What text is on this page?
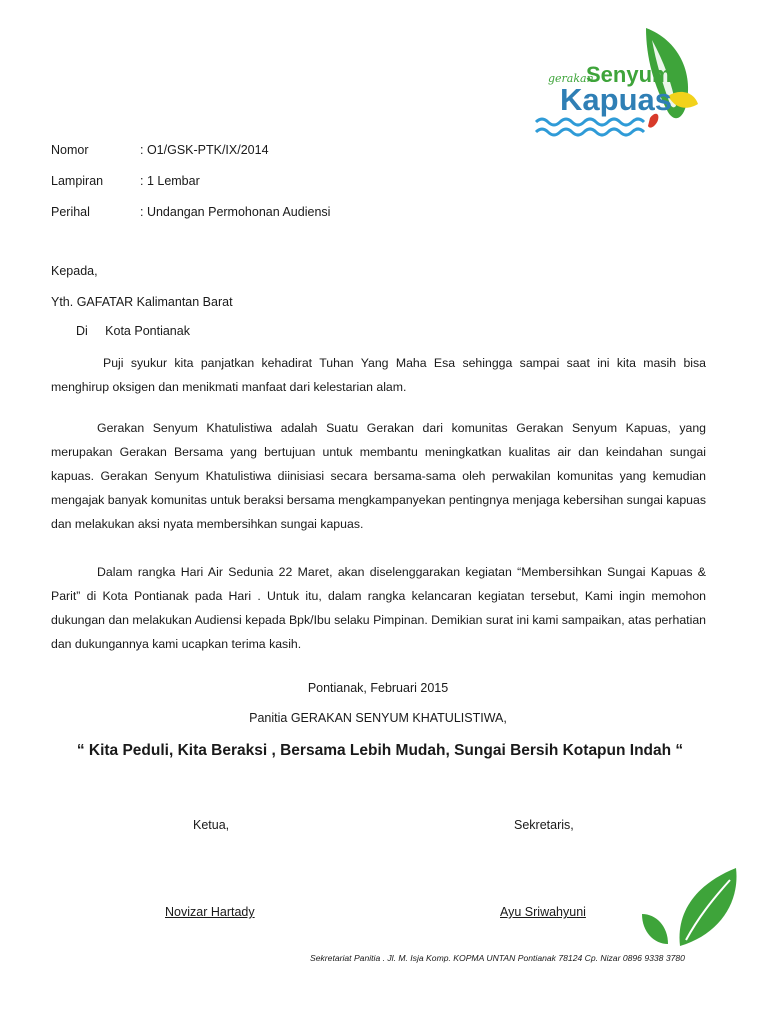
gerakan
Senyum
Kapuas
Nomor	: O1/GSK-PTK/IX/2014
Lampiran	: 1 Lembar
Perihal	: Undangan Permohonan Audiensi
Kepada,
Yth. GAFATAR Kalimantan Barat
Di     Kota Pontianak
Puji syukur kita panjatkan kehadirat Tuhan Yang Maha Esa sehingga sampai saat ini kita masih bisa menghirup oksigen dan menikmati manfaat dari kelestarian alam.
Gerakan Senyum Khatulistiwa adalah Suatu Gerakan dari komunitas Gerakan Senyum Kapuas, yang merupakan Gerakan Bersama yang bertujuan untuk membantu meningkatkan kualitas air dan keindahan sungai kapuas. Gerakan Senyum Khatulistiwa diinisiasi secara bersama-sama oleh perwakilan komunitas yang kemudian mengajak banyak komunitas untuk beraksi bersama mengkampanyekan pentingnya menjaga kebersihan sungai kapuas dan melakukan aksi nyata membersihkan sungai kapuas.
Dalam rangka Hari Air Sedunia 22 Maret, akan diselenggarakan kegiatan “Membersihkan Sungai Kapuas & Parit” di Kota Pontianak pada Hari . Untuk itu, dalam rangka kelancaran kegiatan tersebut, Kami ingin memohon dukungan dan melakukan Audiensi kepada Bpk/Ibu selaku Pimpinan. Demikian surat ini kami sampaikan, atas perhatian dan dukungannya kami ucapkan terima kasih.
Pontianak, Februari 2015
Panitia GERAKAN SENYUM KHATULISTIWA,
“ Kita Peduli, Kita Beraksi , Bersama Lebih Mudah, Sungai Bersih Kotapun Indah “
Ketua,	Sekretaris,
Novizar Hartady	Ayu Sriwahyuni
Sekretariat Panitia . Jl. M. Isja Komp. KOPMA UNTAN Pontianak 78124 Cp. Nizar 0896 9338 3780
